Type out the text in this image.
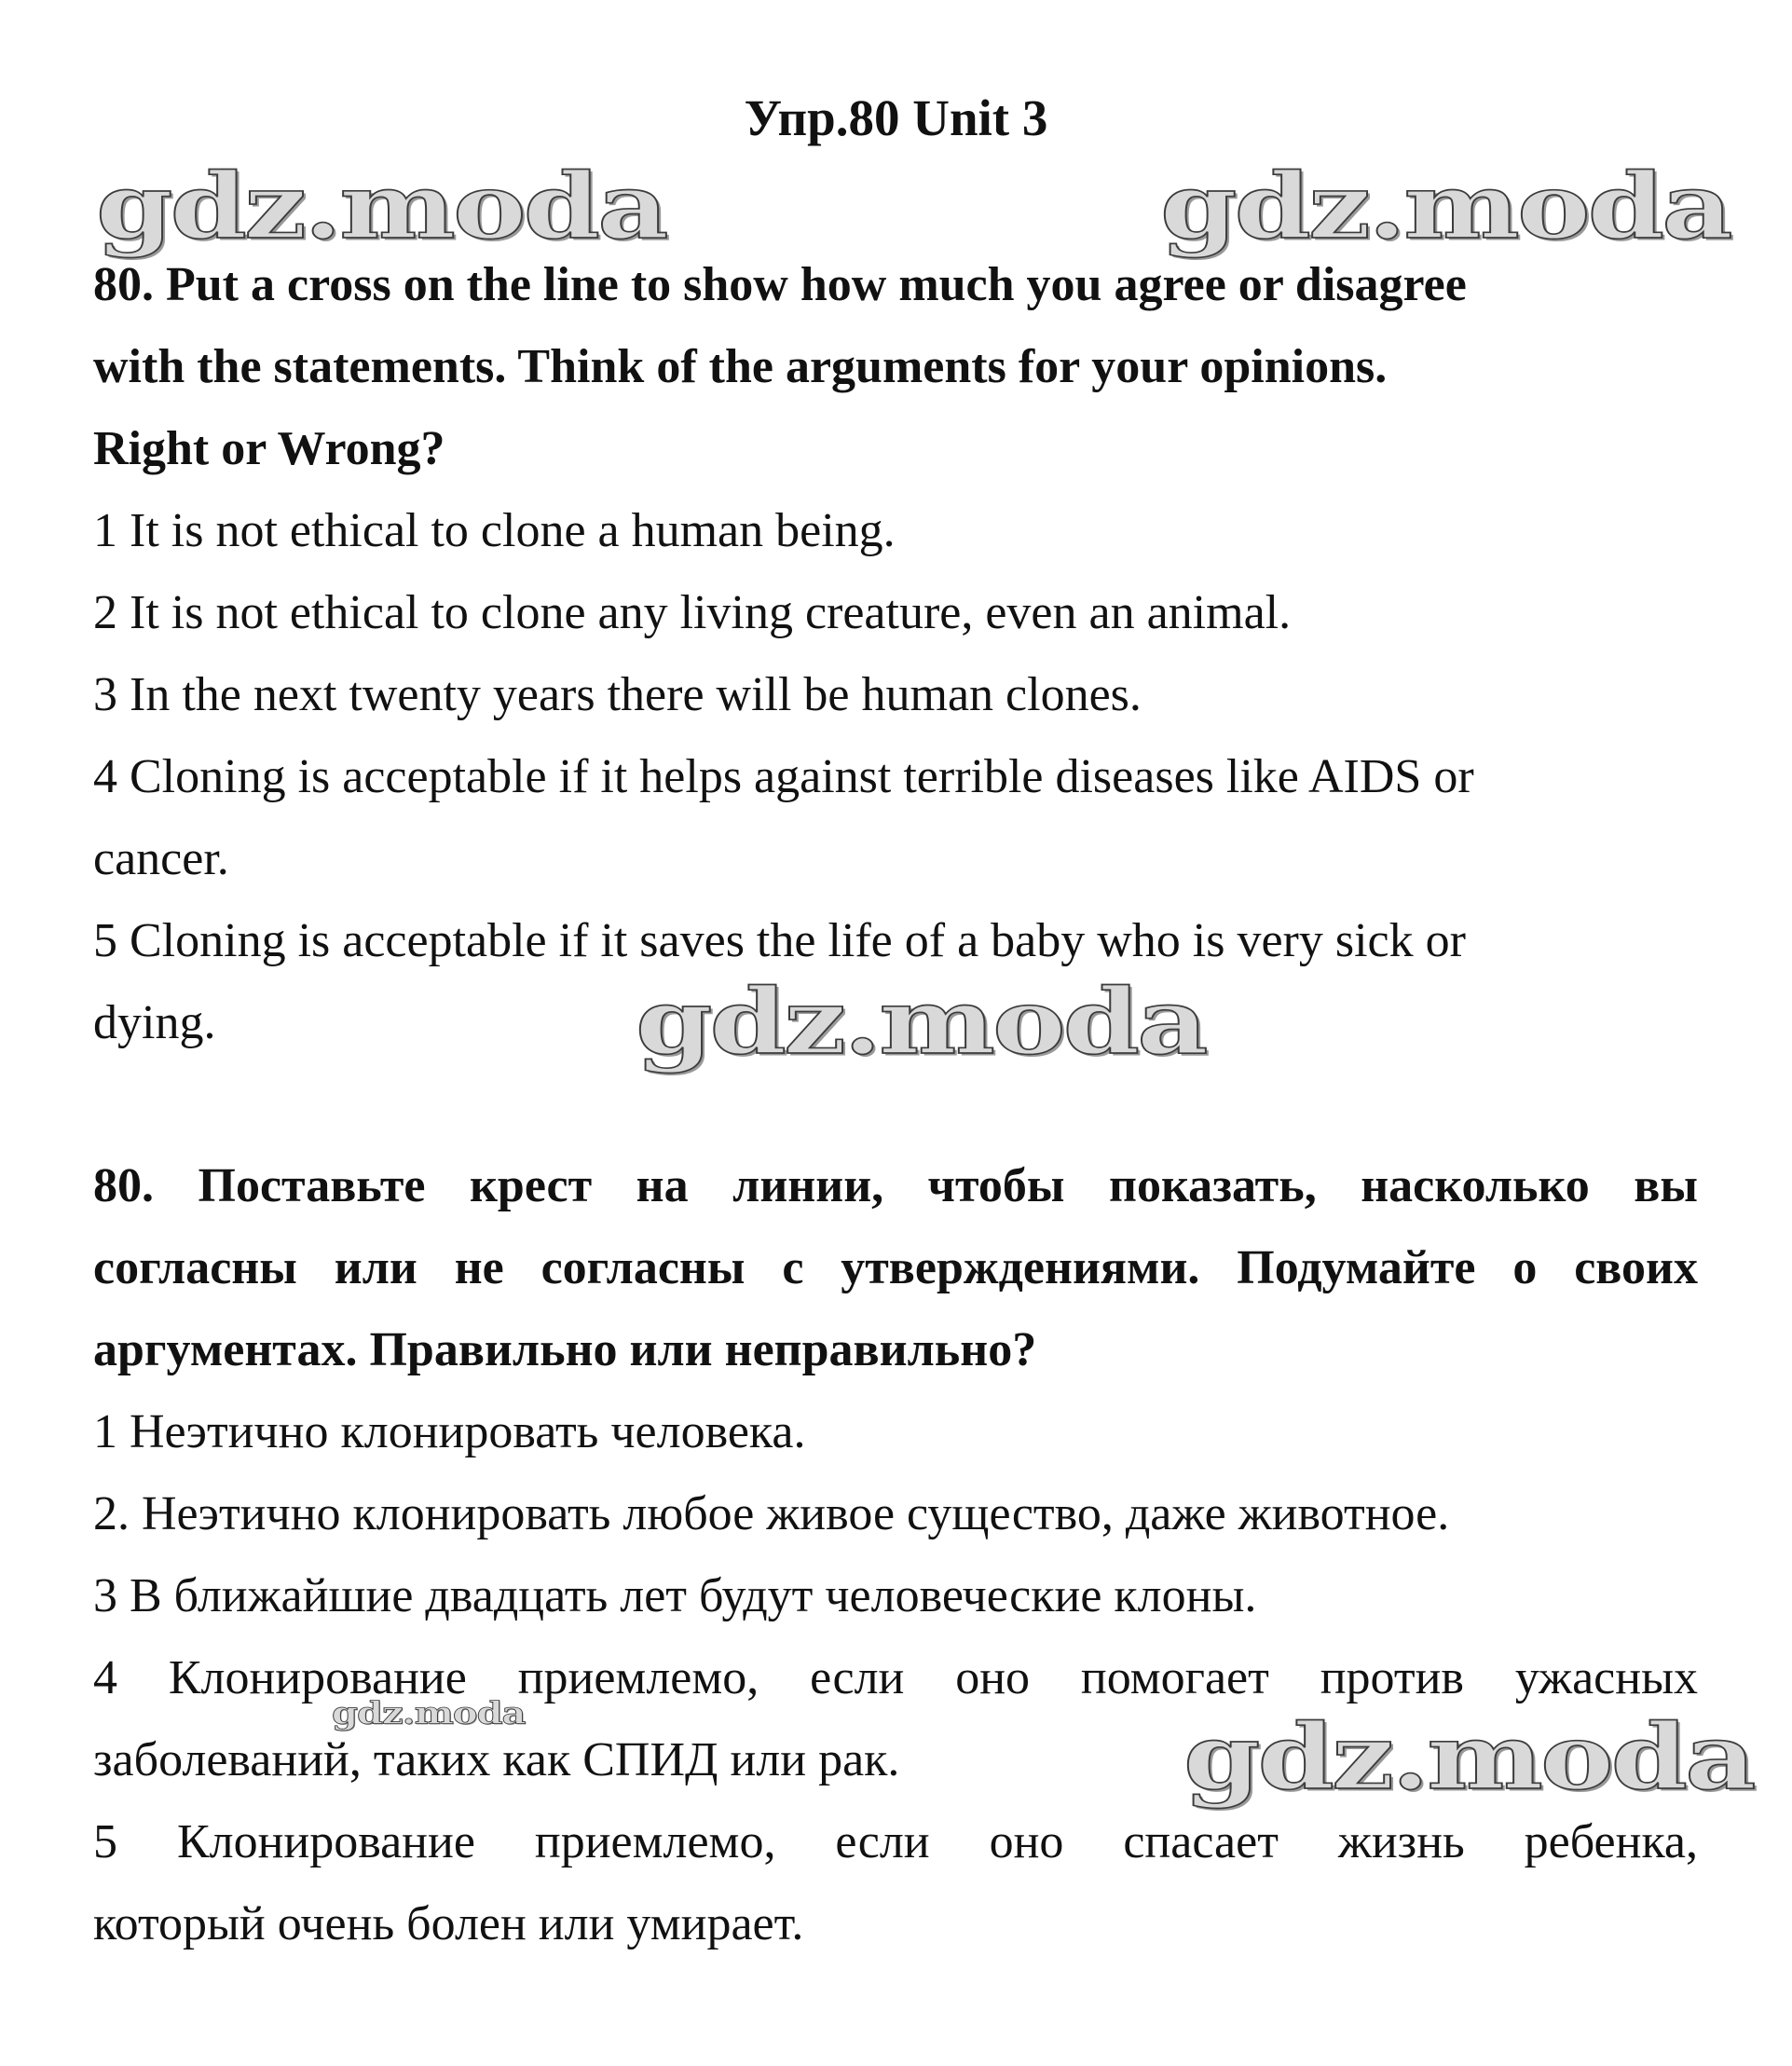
Упр.80 Unit 3
gdz.moda	gdz.moda
gdz.moda
gdz.moda	gdz.moda

80. Put a cross on the line to show how much you agree or disagree

with the statements. Think of the arguments for your opinions.

Right or Wrong?

1 It is not ethical to clone a human being.

2 It is not ethical to clone any living creature, even an animal.

3 In the next twenty years there will be human clones.

4 Cloning is acceptable if it helps against terrible diseases like AIDS or

cancer.

5 Cloning is acceptable if it saves the life of a baby who is very sick or

dying.

80. Поставьте крест на линии, чтобы показать, насколько вы

согласны или не согласны с утверждениями. Подумайте о своих

аргументах. Правильно или неправильно?

1 Неэтично клонировать человека.

2. Неэтично клонировать любое живое существо, даже животное.

3 В ближайшие двадцать лет будут человеческие клоны.

4 Клонирование приемлемо, если оно помогает против ужасных

заболеваний, таких как СПИД или рак.

5 Клонирование приемлемо, если оно спасает жизнь ребенка,

который очень болен или умирает.
